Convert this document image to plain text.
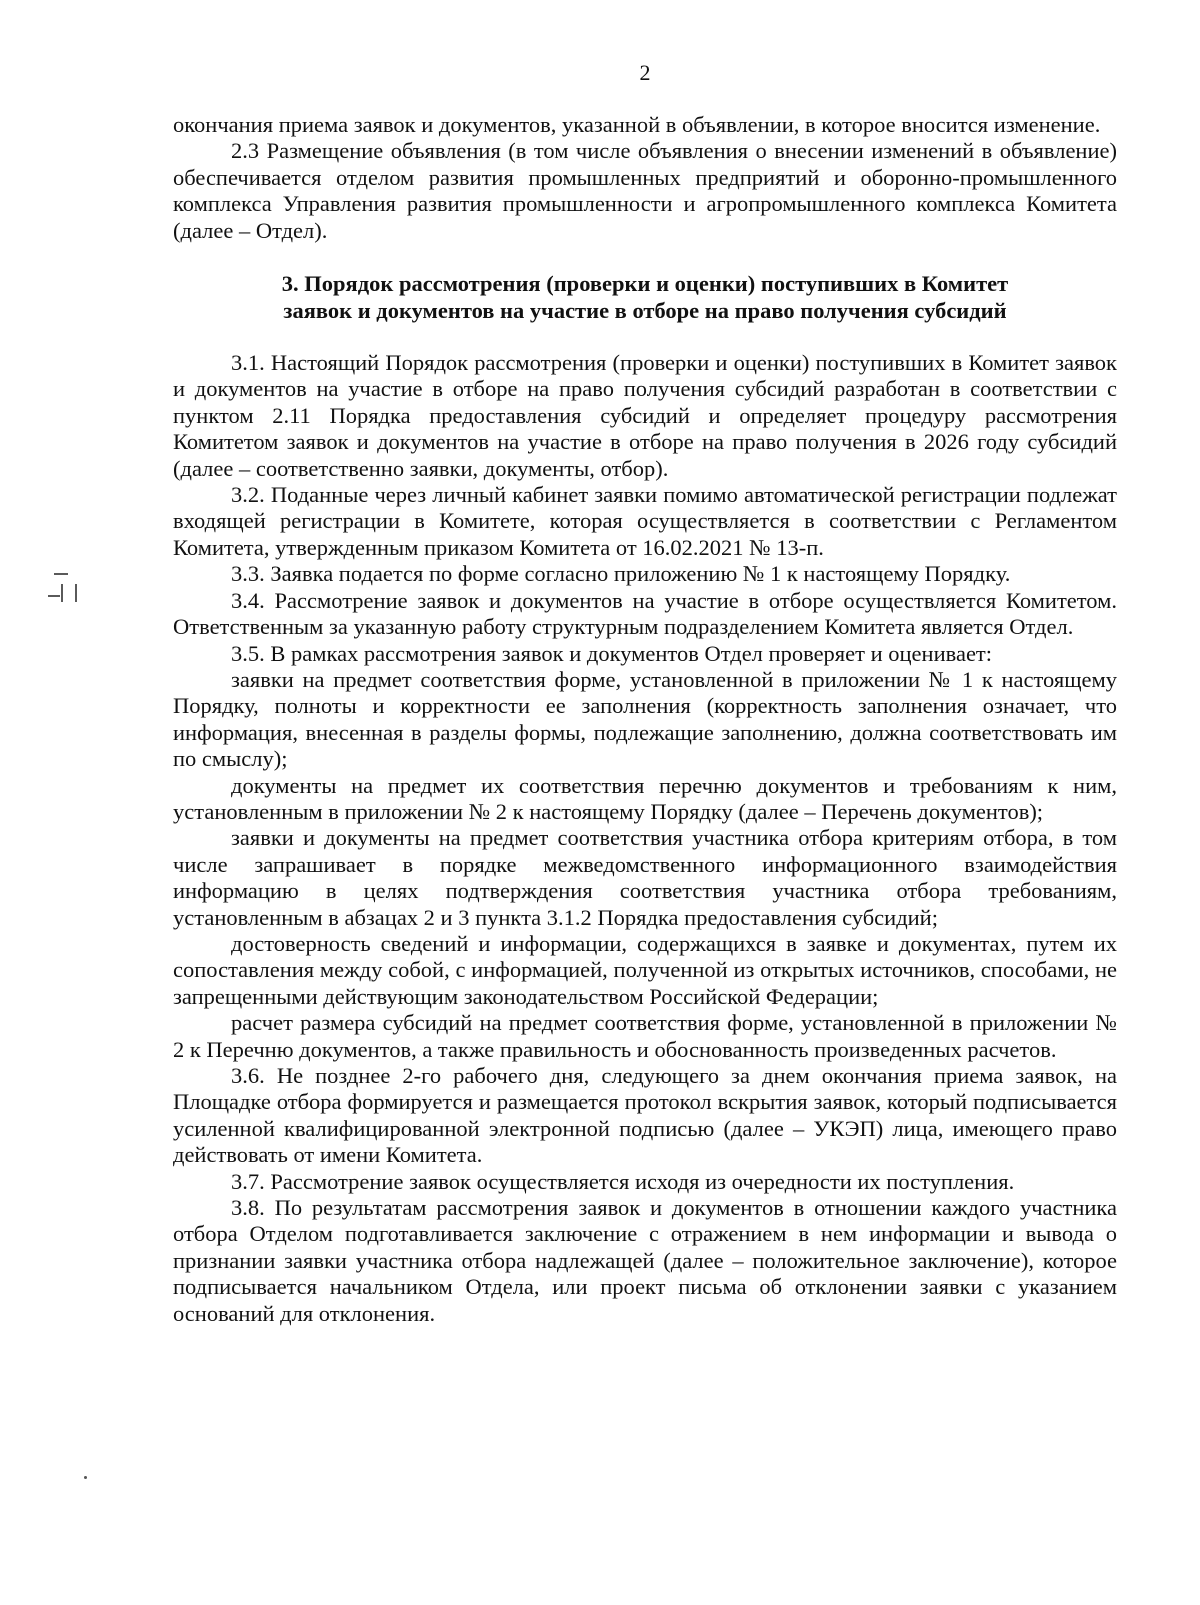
2

окончания приема заявок и документов, указанной в объявлении, в которое вносится изменение.

2.3 Размещение объявления (в том числе объявления о внесении изменений в объявление) обеспечивается отделом развития промышленных предприятий и оборонно-промышленного комплекса Управления развития промышленности и агропромышленного комплекса Комитета (далее – Отдел).

3. Порядок рассмотрения (проверки и оценки) поступивших в Комитет
заявок и документов на участие в отборе на право получения субсидий

3.1. Настоящий Порядок рассмотрения (проверки и оценки) поступивших в Комитет заявок и документов на участие в отборе на право получения субсидий разработан в соответствии с пунктом 2.11 Порядка предоставления субсидий и определяет процедуру рассмотрения Комитетом заявок и документов на участие в отборе на право получения в 2026 году субсидий (далее – соответственно заявки, документы, отбор).

3.2. Поданные через личный кабинет заявки помимо автоматической регистрации подлежат входящей регистрации в Комитете, которая осуществляется в соответствии с Регламентом Комитета, утвержденным приказом Комитета от 16.02.2021 № 13-п.

3.3. Заявка подается по форме согласно приложению № 1 к настоящему Порядку.

3.4. Рассмотрение заявок и документов на участие в отборе осуществляется Комитетом. Ответственным за указанную работу структурным подразделением Комитета является Отдел.

3.5. В рамках рассмотрения заявок и документов Отдел проверяет и оценивает:

заявки на предмет соответствия форме, установленной в приложении № 1 к настоящему Порядку, полноты и корректности ее заполнения (корректность заполнения означает, что информация, внесенная в разделы формы, подлежащие заполнению, должна соответствовать им по смыслу);

документы на предмет их соответствия перечню документов и требованиям к ним, установленным в приложении № 2 к настоящему Порядку (далее – Перечень документов);

заявки и документы на предмет соответствия участника отбора критериям отбора, в том числе запрашивает в порядке межведомственного информационного взаимодействия информацию в целях подтверждения соответствия участника отбора требованиям, установленным в абзацах 2 и 3 пункта 3.1.2 Порядка предоставления субсидий;

достоверность сведений и информации, содержащихся в заявке и документах, путем их сопоставления между собой, с информацией, полученной из открытых источников, способами, не запрещенными действующим законодательством Российской Федерации;

расчет размера субсидий на предмет соответствия форме, установленной в приложении № 2 к Перечню документов, а также правильность и обоснованность произведенных расчетов.

3.6. Не позднее 2-го рабочего дня, следующего за днем окончания приема заявок, на Площадке отбора формируется и размещается протокол вскрытия заявок, который подписывается усиленной квалифицированной электронной подписью (далее – УКЭП) лица, имеющего право действовать от имени Комитета.

3.7. Рассмотрение заявок осуществляется исходя из очередности их поступления.

3.8. По результатам рассмотрения заявок и документов в отношении каждого участника отбора Отделом подготавливается заключение с отражением в нем информации и вывода о признании заявки участника отбора надлежащей (далее – положительное заключение), которое подписывается начальником Отдела, или проект письма об отклонении заявки с указанием оснований для отклонения.
